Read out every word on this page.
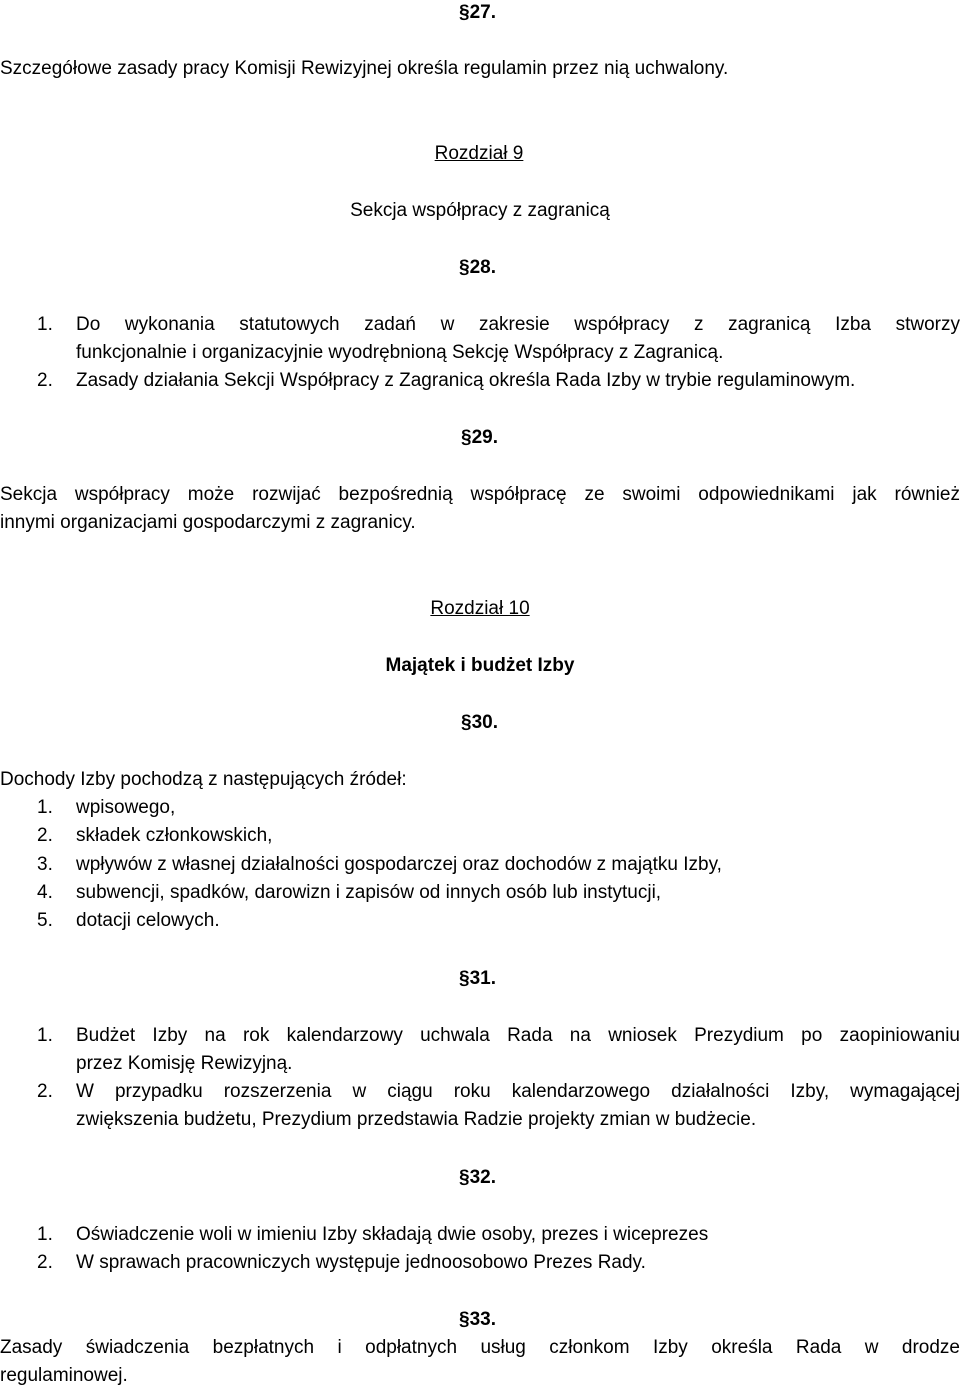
§27.
Szczegółowe zasady pracy Komisji Rewizyjnej określa regulamin przez nią uchwalony.
Rozdział 9
Sekcja współpracy z zagranicą
§28.
1. Do wykonania statutowych zadań w zakresie współpracy z zagranicą Izba stworzy
funkcjonalnie i organizacyjnie wyodrębnioną Sekcję Współpracy z Zagranicą.
2. Zasady działania Sekcji Współpracy z Zagranicą określa Rada Izby w trybie regulaminowym.
§29.
Sekcja współpracy może rozwijać bezpośrednią współpracę ze swoimi odpowiednikami jak również
innymi organizacjami gospodarczymi z zagranicy.
Rozdział 10
Majątek i budżet Izby
§30.
Dochody Izby pochodzą z następujących źródeł:
1. wpisowego,
2. składek członkowskich,
3. wpływów z własnej działalności gospodarczej oraz dochodów z majątku Izby,
4. subwencji, spadków, darowizn i zapisów od innych osób lub instytucji,
5. dotacji celowych.
§31.
1. Budżet Izby na rok kalendarzowy uchwala Rada na wniosek Prezydium po zaopiniowaniu
przez Komisję Rewizyjną.
2. W przypadku rozszerzenia w ciągu roku kalendarzowego działalności Izby, wymagającej
zwiększenia budżetu, Prezydium przedstawia Radzie projekty zmian w budżecie.
§32.
1. Oświadczenie woli w imieniu Izby składają dwie osoby, prezes i wiceprezes
2. W sprawach pracowniczych występuje jednoosobowo Prezes Rady.
§33.
Zasady świadczenia bezpłatnych i odpłatnych usług członkom Izby określa Rada w drodze
regulaminowej.
